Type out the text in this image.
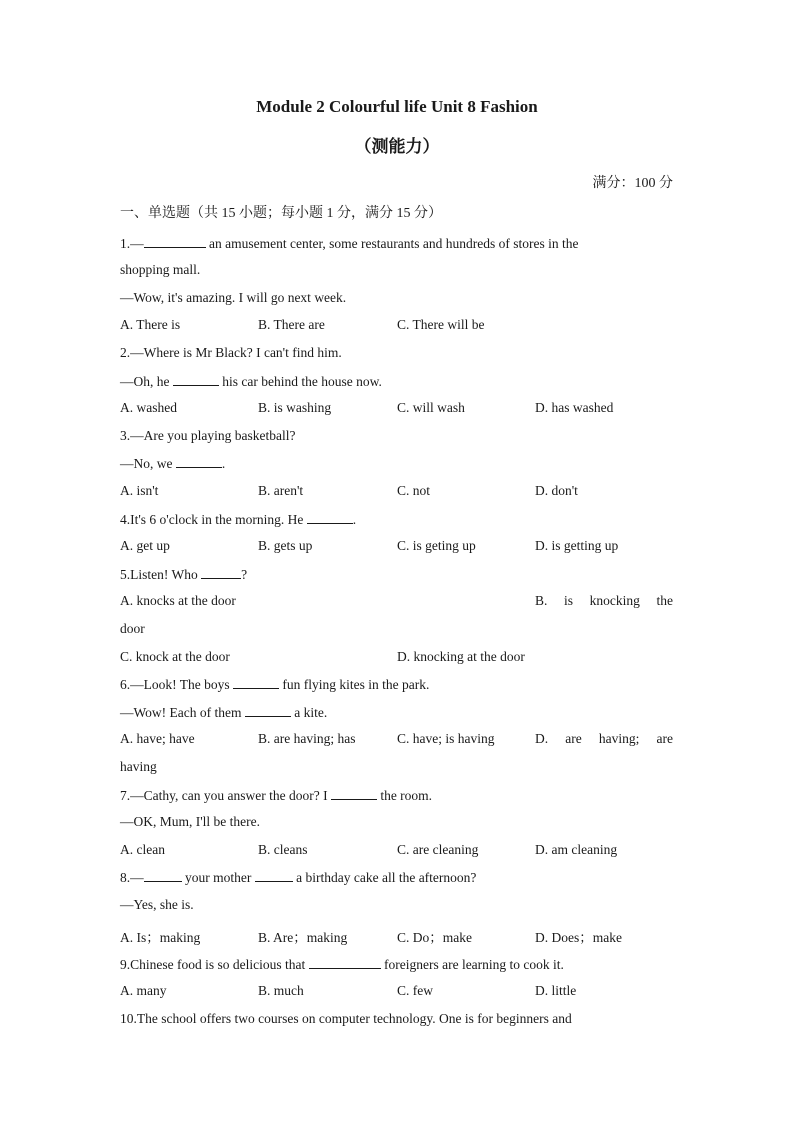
Module 2 Colourful life Unit 8 Fashion
（测能力）
满分：100 分
一、单选题（共 15 小题；每小题 1 分，满分 15 分）
1.—	an amusement center, some restaurants and hundreds of stores in the
shopping mall.
—Wow, it's amazing. I will go next week.
A. There is	B. There are	C. There will be
2.—Where is Mr Black? I can't find him.
—Oh, he	his car behind the house now.
A. washed	B. is washing	C. will wash	D. has washed
3.—Are you playing basketball?
—No, we	.
A. isn't	B. aren't	C. not	D. don't
4.It's 6 o'clock in the morning. He	.
A. get up	B. gets up	C. is geting up	D. is getting up
5.Listen! Who	?
A. knocks at the door	B. is knocking the
door
C. knock at the door	D. knocking at the door
6.—Look! The boys	fun flying kites in the park.
—Wow! Each of them	a kite.
A. have; have	B. are having; has	C. have; is having	D. are having; are
having
7.—Cathy, can you answer the door? I	the room.
—OK, Mum, I'll be there.
A. clean	B. cleans	C. are cleaning	D. am cleaning
8.—	your mother	a birthday cake all the afternoon?
—Yes, she is.
A. Is；making	B. Are；making	C. Do；make	D. Does；make
9.Chinese food is so delicious that	foreigners are learning to cook it.
A. many	B. much	C. few	D. little
10.The school offers two courses on computer technology. One is for beginners and
